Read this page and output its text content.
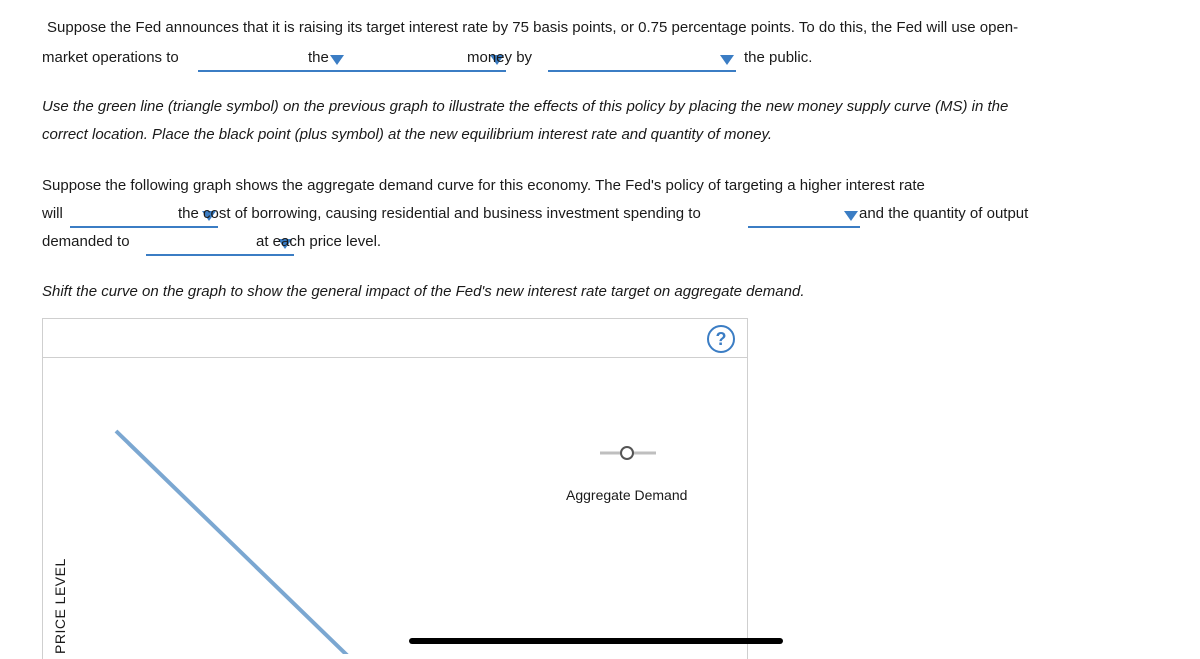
Suppose the Fed announces that it is raising its target interest rate by 75 basis points, or 0.75 percentage points. To do this, the Fed will use open-
market operations to	the	money by	the public.
Use the green line (triangle symbol) on the previous graph to illustrate the effects of this policy by placing the new money supply curve (MS) in the
correct location. Place the black point (plus symbol) at the new equilibrium interest rate and quantity of money.
Suppose the following graph shows the aggregate demand curve for this economy. The Fed's policy of targeting a higher interest rate
will	the cost of borrowing, causing residential and business investment spending to	and the quantity of output
demanded to	at each price level.
Shift the curve on the graph to show the general impact of the Fed's new interest rate target on aggregate demand.
?
Aggregate Demand
PRICE LEVEL
